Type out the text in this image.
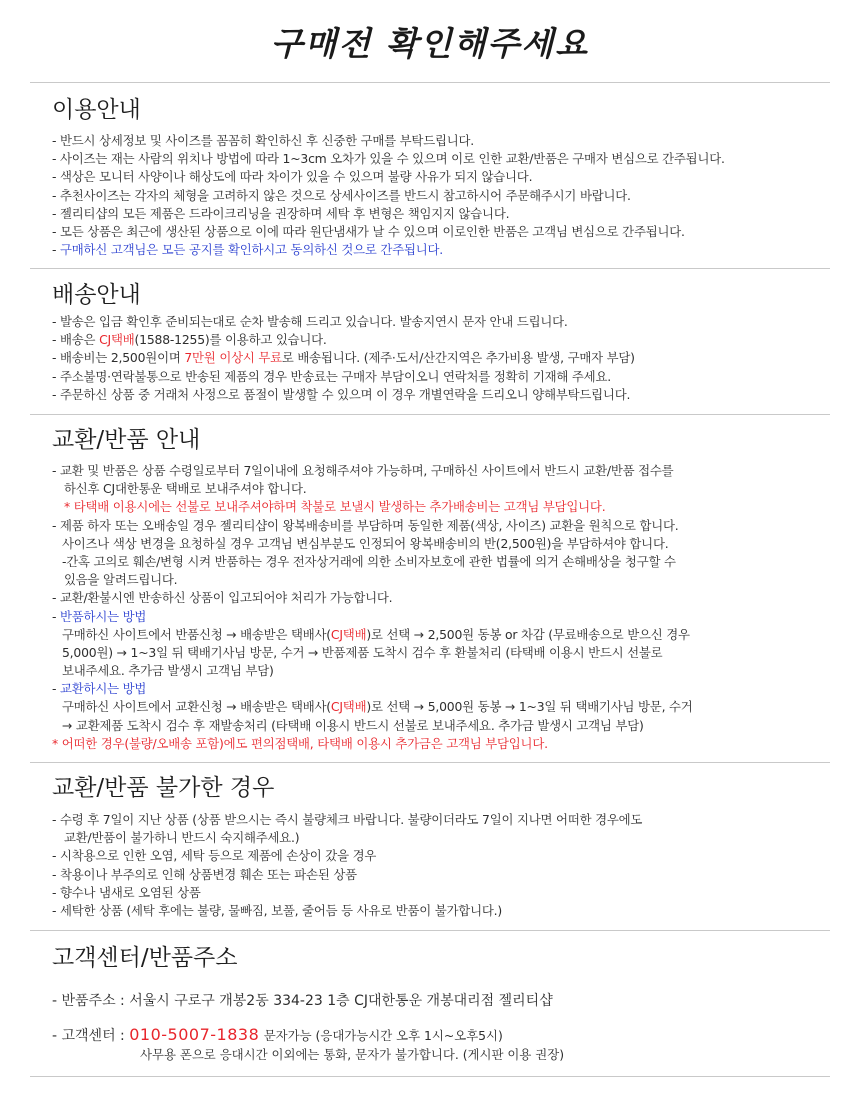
구매전 확인해주세요
이용안내
- 반드시 상세정보 및 사이즈를 꼼꼼히 확인하신 후 신중한 구매를 부탁드립니다.
- 사이즈는 재는 사람의 위치나 방법에 따라 1~3cm 오차가 있을 수 있으며 이로 인한 교환/반품은 구매자 변심으로 간주됩니다.
- 색상은 모니터 사양이나 해상도에 따라 차이가 있을 수 있으며 불량 사유가 되지 않습니다.
- 추천사이즈는 각자의 체형을 고려하지 않은 것으로 상세사이즈를 반드시 참고하시어 주문해주시기 바랍니다.
- 젤리티샵의 모든 제품은 드라이크리닝을 권장하며 세탁 후 변형은 책임지지 않습니다.
- 모든 상품은 최근에 생산된 상품으로 이에 따라 원단냄새가 날 수 있으며 이로인한 반품은 고객님 변심으로 간주됩니다.
- 구매하신 고객님은 모든 공지를 확인하시고 동의하신 것으로 간주됩니다.
배송안내
- 발송은 입금 확인후 준비되는대로 순차 발송해 드리고 있습니다. 발송지연시 문자 안내 드립니다.
- 배송은 CJ택배(1588-1255)를 이용하고 있습니다.
- 배송비는 2,500원이며 7만원 이상시 무료로 배송됩니다. (제주·도서/산간지역은 추가비용 발생, 구매자 부담)
- 주소불명·연락불통으로 반송된 제품의 경우 반송료는 구매자 부담이오니 연락처를 정확히 기재해 주세요.
- 주문하신 상품 중 거래처 사정으로 품절이 발생할 수 있으며 이 경우 개별연락을 드리오니 양해부탁드립니다.
교환/반품 안내
- 교환 및 반품은 상품 수령일로부터 7일이내에 요청해주셔야 가능하며, 구매하신 사이트에서 반드시 교환/반품 접수를
하신후 CJ대한통운 택배로 보내주셔야 합니다.
* 타택배 이용시에는 선불로 보내주셔야하며 착불로 보낼시 발생하는 추가배송비는 고객님 부담입니다.
- 제품 하자 또는 오배송일 경우 젤리티샵이 왕복배송비를 부담하며 동일한 제품(색상, 사이즈) 교환을 원칙으로 합니다.
사이즈나 색상 변경을 요청하실 경우 고객님 변심부분도 인정되어 왕복배송비의 반(2,500원)을 부담하셔야 합니다.
-간혹 고의로 훼손/변형 시켜 반품하는 경우 전자상거래에 의한 소비자보호에 관한 법률에 의거 손해배상을 청구할 수
있음을 알려드립니다.
- 교환/환불시엔 반송하신 상품이 입고되어야 처리가 가능합니다.
- 반품하시는 방법
구매하신 사이트에서 반품신청 → 배송받은 택배사(CJ택배)로 선택 → 2,500원 동봉 or 차감 (무료배송으로 받으신 경우
5,000원) → 1~3일 뒤 택배기사님 방문, 수거 → 반품제품 도착시 검수 후 환불처리 (타택배 이용시 반드시 선불로
보내주세요. 추가금 발생시 고객님 부담)
- 교환하시는 방법
구매하신 사이트에서 교환신청 → 배송받은 택배사(CJ택배)로 선택 → 5,000원 동봉 → 1~3일 뒤 택배기사님 방문, 수거
→ 교환제품 도착시 검수 후 재발송처리 (타택배 이용시 반드시 선불로 보내주세요. 추가금 발생시 고객님 부담)
* 어떠한 경우(불량/오배송 포함)에도 편의점택배, 타택배 이용시 추가금은 고객님 부담입니다.
교환/반품 불가한 경우
- 수령 후 7일이 지난 상품 (상품 받으시는 즉시 불량체크 바랍니다. 불량이더라도 7일이 지나면 어떠한 경우에도
교환/반품이 불가하니 반드시 숙지해주세요.)
- 시착용으로 인한 오염, 세탁 등으로 제품에 손상이 갔을 경우
- 착용이나 부주의로 인해 상품변경 훼손 또는 파손된 상품
- 향수나 냄새로 오염된 상품
- 세탁한 상품 (세탁 후에는 불량, 물빠짐, 보풀, 줄어듬 등 사유로 반품이 불가합니다.)
고객센터/반품주소
- 반품주소 : 서울시 구로구 개봉2동 334-23 1층 CJ대한통운 개봉대리점 젤리티샵
- 고객센터 : 010-5007-1838 문자가능 (응대가능시간 오후 1시~오후5시)
사무용 폰으로 응대시간 이외에는 통화, 문자가 불가합니다. (게시판 이용 권장)
